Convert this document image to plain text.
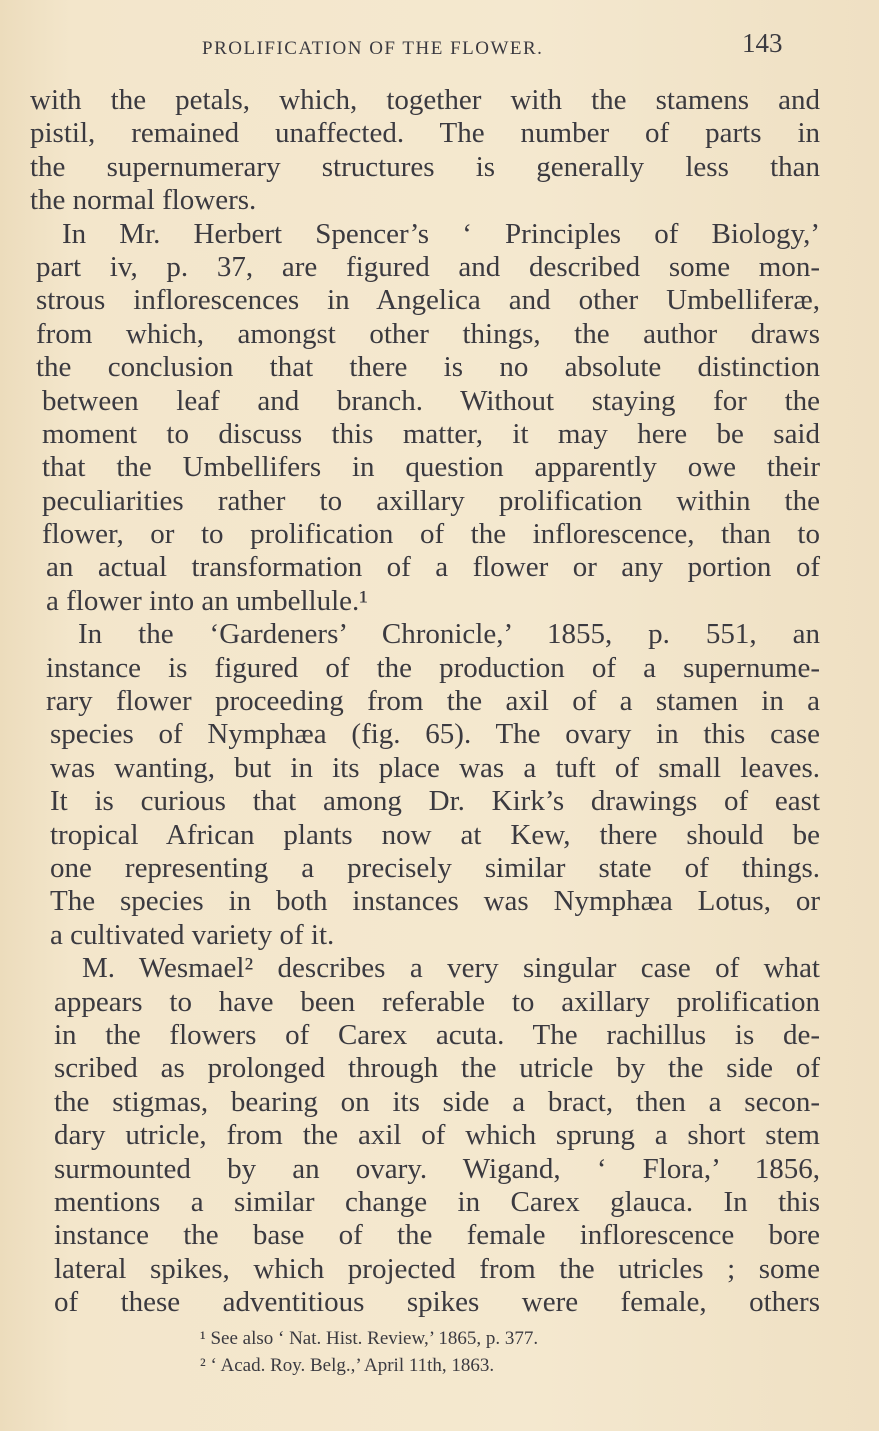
PROLIFICATION OF THE FLOWER.	143
with the petals, which, together with the stamens and
pistil, remained unaffected. The number of parts in
the supernumerary structures is generally less than
the normal flowers.
In Mr. Herbert Spencer’s ‘ Principles of Biology,’
part iv, p. 37, are figured and described some mon-
strous inflorescences in Angelica and other Umbelliferæ,
from which, amongst other things, the author draws
the conclusion that there is no absolute distinction
between leaf and branch. Without staying for the
moment to discuss this matter, it may here be said
that the Umbellifers in question apparently owe their
peculiarities rather to axillary prolification within the
flower, or to prolification of the inflorescence, than to
an actual transformation of a flower or any portion of
a flower into an umbellule.¹
In the ‘Gardeners’ Chronicle,’ 1855, p. 551, an
instance is figured of the production of a supernume-
rary flower proceeding from the axil of a stamen in a
species of Nymphæa (fig. 65). The ovary in this case
was wanting, but in its place was a tuft of small leaves.
It is curious that among Dr. Kirk’s drawings of east
tropical African plants now at Kew, there should be
one representing a precisely similar state of things.
The species in both instances was Nymphæa Lotus, or
a cultivated variety of it.
M. Wesmael² describes a very singular case of what
appears to have been referable to axillary prolification
in the flowers of Carex acuta. The rachillus is de-
scribed as prolonged through the utricle by the side of
the stigmas, bearing on its side a bract, then a secon-
dary utricle, from the axil of which sprung a short stem
surmounted by an ovary. Wigand, ‘ Flora,’ 1856,
mentions a similar change in Carex glauca. In this
instance the base of the female inflorescence bore
lateral spikes, which projected from the utricles ; some
of these adventitious spikes were female, others
¹ See also ‘ Nat. Hist. Review,’ 1865, p. 377.
² ‘ Acad. Roy. Belg.,’ April 11th, 1863.
